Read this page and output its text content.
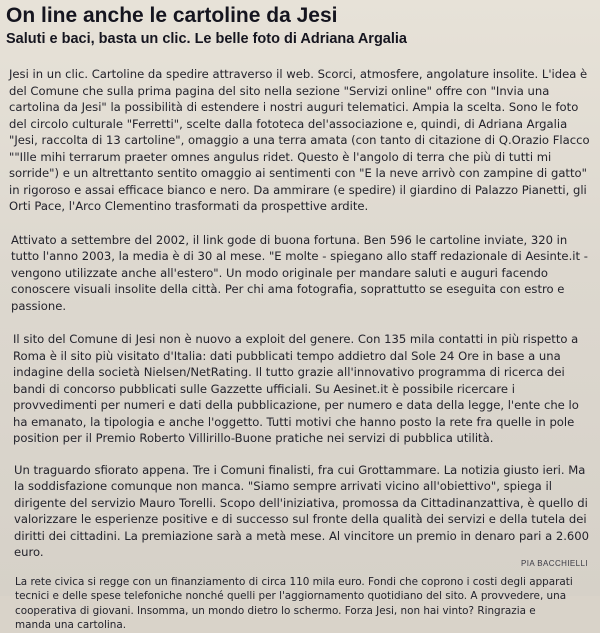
On line anche le cartoline da Jesi
Saluti e baci, basta un clic. Le belle foto di Adriana Argalia

Jesi in un clic. Cartoline da spedire attraverso il web. Scorci, atmosfere, angolature insolite. L'idea è del Comune che sulla prima pagina del sito nella sezione "Servizi online" offre con "Invia una cartolina da Jesi" la possibilità di estendere i nostri auguri telematici. Ampia la scelta. Sono le foto del circolo culturale "Ferretti", scelte dalla fototeca del'associazione e, quindi, di Adriana Argalia "Jesi, raccolta di 13 cartoline", omaggio a una terra amata (con tanto di citazione di Q.Orazio Flacco ""Ille mihi terrarum praeter omnes angulus ridet. Questo è l'angolo di terra che più di tutti mi sorride") e un altrettanto sentito omaggio ai sentimenti con "E la neve arrivò con zampine di gatto" in rigoroso e assai efficace bianco e nero. Da ammirare (e spedire) il giardino di Palazzo Pianetti, gli Orti Pace, l'Arco Clementino trasformati da prospettive ardite.

Attivato a settembre del 2002, il link gode di buona fortuna. Ben 596 le cartoline inviate, 320 in tutto l'anno 2003, la media è di 30 al mese. "E molte - spiegano allo staff redazionale di Aesinte.it - vengono utilizzate anche all'estero". Un modo originale per mandare saluti e auguri facendo conoscere visuali insolite della città. Per chi ama fotografia, soprattutto se eseguita con estro e passione.

Il sito del Comune di Jesi non è nuovo a exploit del genere. Con 135 mila contatti in più rispetto a Roma è il sito più visitato d'Italia: dati pubblicati tempo addietro dal Sole 24 Ore in base a una indagine della società Nielsen/NetRating. Il tutto grazie all'innovativo programma di ricerca dei bandi di concorso pubblicati sulle Gazzette ufficiali. Su Aesinet.it è possibile ricercare i provvedimenti per numeri e dati della pubblicazione, per numero e data della legge, l'ente che lo ha emanato, la tipologia e anche l'oggetto. Tutti motivi che hanno posto la rete fra quelle in pole position per il Premio Roberto Villirillo-Buone pratiche nei servizi di pubblica utilità.

Un traguardo sfiorato appena. Tre i Comuni finalisti, fra cui Grottammare. La notizia giusto ieri. Ma la soddisfazione comunque non manca. "Siamo sempre arrivati vicino all'obiettivo", spiega il dirigente del servizio Mauro Torelli. Scopo dell'iniziativa, promossa da Cittadinanzattiva, è quello di valorizzare le esperienze positive e di successo sul fronte della qualità dei servizi e della tutela dei diritti dei cittadini. La premiazione sarà a metà mese. Al vincitore un premio in denaro pari a 2.600 euro.

La rete civica si regge con un finanziamento di circa 110 mila euro. Fondi che coprono i costi degli apparati tecnici e delle spese telefoniche nonché quelli per l'aggiornamento quotidiano del sito. A provvedere, una cooperativa di giovani. Insomma, un mondo dietro lo schermo. Forza Jesi, non hai vinto? Ringrazia e manda una cartolina.

PIA BACCHIELLI
